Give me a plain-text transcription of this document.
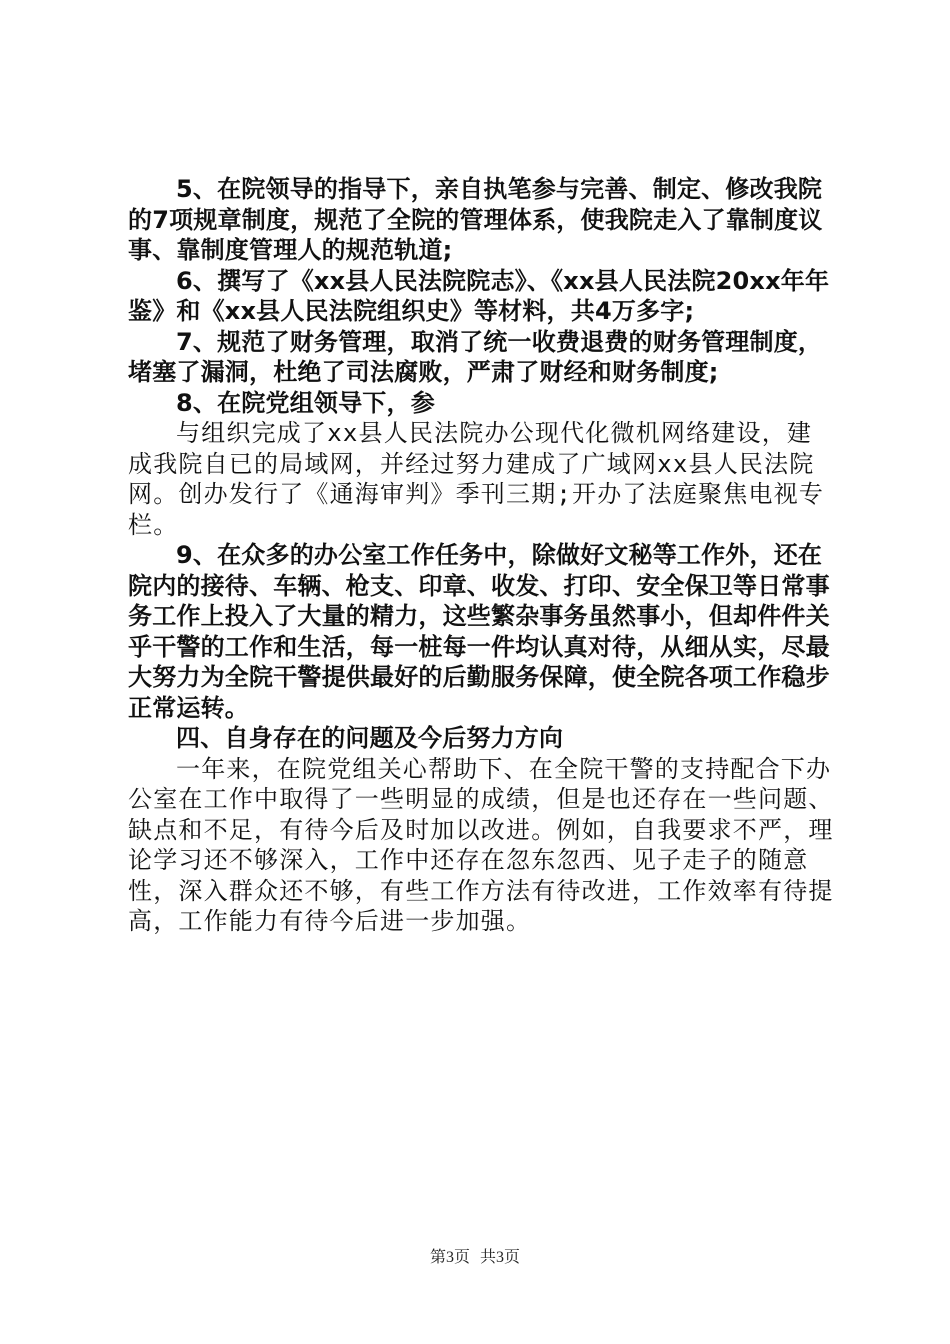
5、在院领导的指导下，亲自执笔参与完善、制定、修改我院的7项规章制度，规范了全院的管理体系，使我院走入了靠制度议事、靠制度管理人的规范轨道;

6、撰写了《xx县人民法院院志》、《xx县人民法院20xx年年鉴》和《xx县人民法院组织史》等材料，共4万多字;

7、规范了财务管理，取消了统一收费退费的财务管理制度，堵塞了漏洞，杜绝了司法腐败，严肃了财经和财务制度;

8、在院党组领导下，参

与组织完成了xx县人民法院办公现代化微机网络建设，建成我院自已的局域网，并经过努力建成了广域网xx县人民法院网。创办发行了《通海审判》季刊三期;开办了法庭聚焦电视专栏。

9、在众多的办公室工作任务中，除做好文秘等工作外，还在院内的接待、车辆、枪支、印章、收发、打印、安全保卫等日常事务工作上投入了大量的精力，这些繁杂事务虽然事小，但却件件关乎干警的工作和生活，每一桩每一件均认真对待，从细从实，尽最大努力为全院干警提供最好的后勤服务保障，使全院各项工作稳步正常运转。

四、自身存在的问题及今后努力方向

一年来，在院党组关心帮助下、在全院干警的支持配合下办公室在工作中取得了一些明显的成绩，但是也还存在一些问题、缺点和不足，有待今后及时加以改进。例如，自我要求不严，理论学习还不够深入，工作中还存在忽东忽西、见子走子的随意性，深入群众还不够，有些工作方法有待改进，工作效率有待提高，工作能力有待今后进一步加强。

第3页 共3页
